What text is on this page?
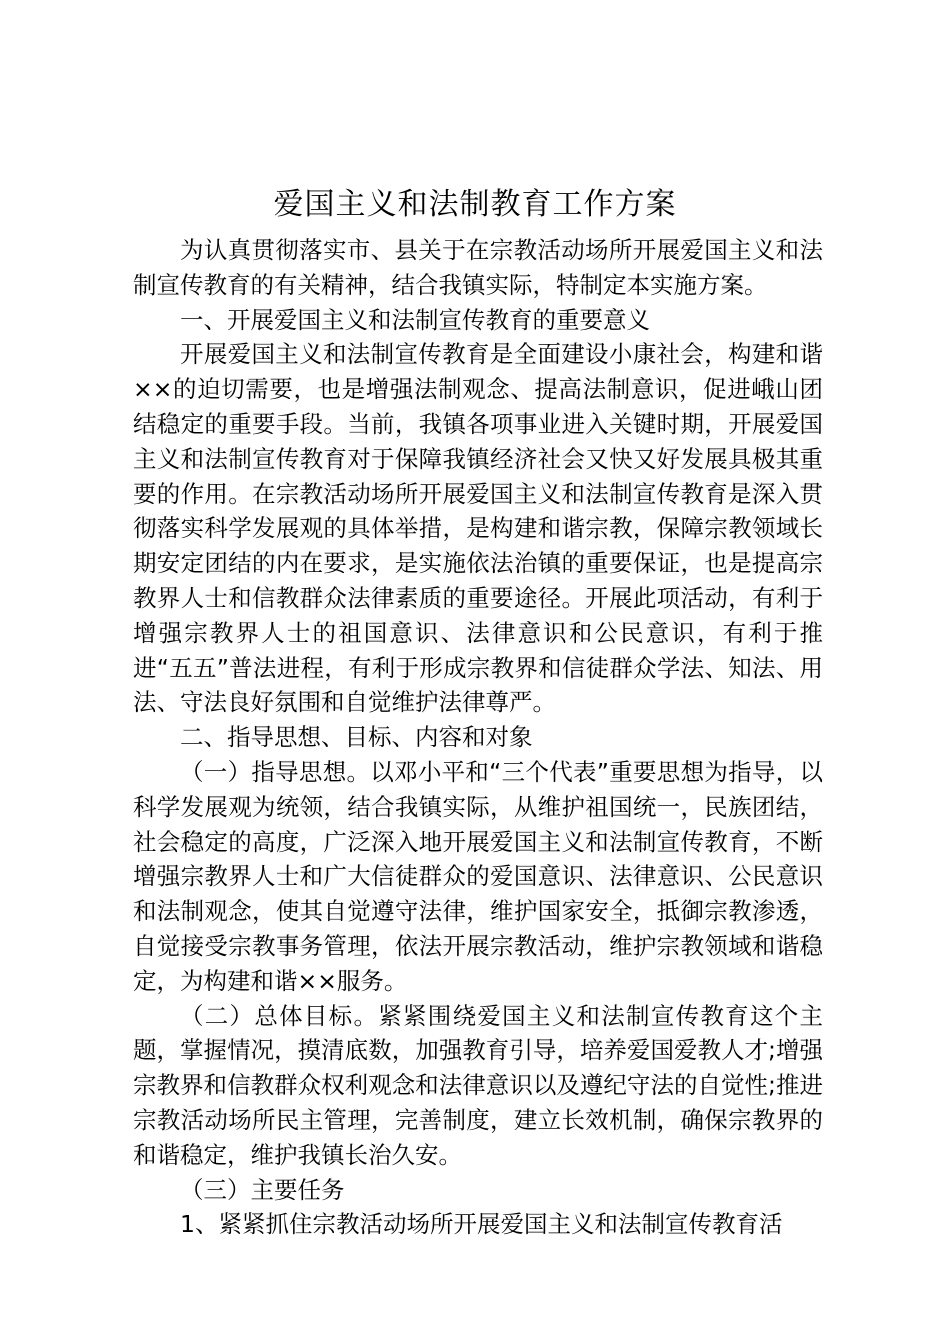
爱国主义和法制教育工作方案

为认真贯彻落实市、县关于在宗教活动场所开展爱国主义和法制宣传教育的有关精神，结合我镇实际，特制定本实施方案。

一、开展爱国主义和法制宣传教育的重要意义

开展爱国主义和法制宣传教育是全面建设小康社会，构建和谐××的迫切需要，也是增强法制观念、提高法制意识，促进峨山团结稳定的重要手段。当前，我镇各项事业进入关键时期，开展爱国主义和法制宣传教育对于保障我镇经济社会又快又好发展具极其重要的作用。在宗教活动场所开展爱国主义和法制宣传教育是深入贯彻落实科学发展观的具体举措，是构建和谐宗教，保障宗教领域长期安定团结的内在要求，是实施依法治镇的重要保证，也是提高宗教界人士和信教群众法律素质的重要途径。开展此项活动，有利于增强宗教界人士的祖国意识、法律意识和公民意识，有利于推进“五五”普法进程，有利于形成宗教界和信徒群众学法、知法、用法、守法良好氛围和自觉维护法律尊严。

二、指导思想、目标、内容和对象

（一）指导思想。以邓小平和“三个代表”重要思想为指导，以科学发展观为统领，结合我镇实际，从维护祖国统一，民族团结，社会稳定的高度，广泛深入地开展爱国主义和法制宣传教育，不断增强宗教界人士和广大信徒群众的爱国意识、法律意识、公民意识和法制观念，使其自觉遵守法律，维护国家安全，抵御宗教渗透，自觉接受宗教事务管理，依法开展宗教活动，维护宗教领域和谐稳定，为构建和谐××服务。

（二）总体目标。紧紧围绕爱国主义和法制宣传教育这个主题，掌握情况，摸清底数，加强教育引导，培养爱国爱教人才;增强宗教界和信教群众权利观念和法律意识以及遵纪守法的自觉性;推进宗教活动场所民主管理，完善制度，建立长效机制，确保宗教界的和谐稳定，维护我镇长治久安。

（三）主要任务

1、紧紧抓住宗教活动场所开展爱国主义和法制宣传教育活
